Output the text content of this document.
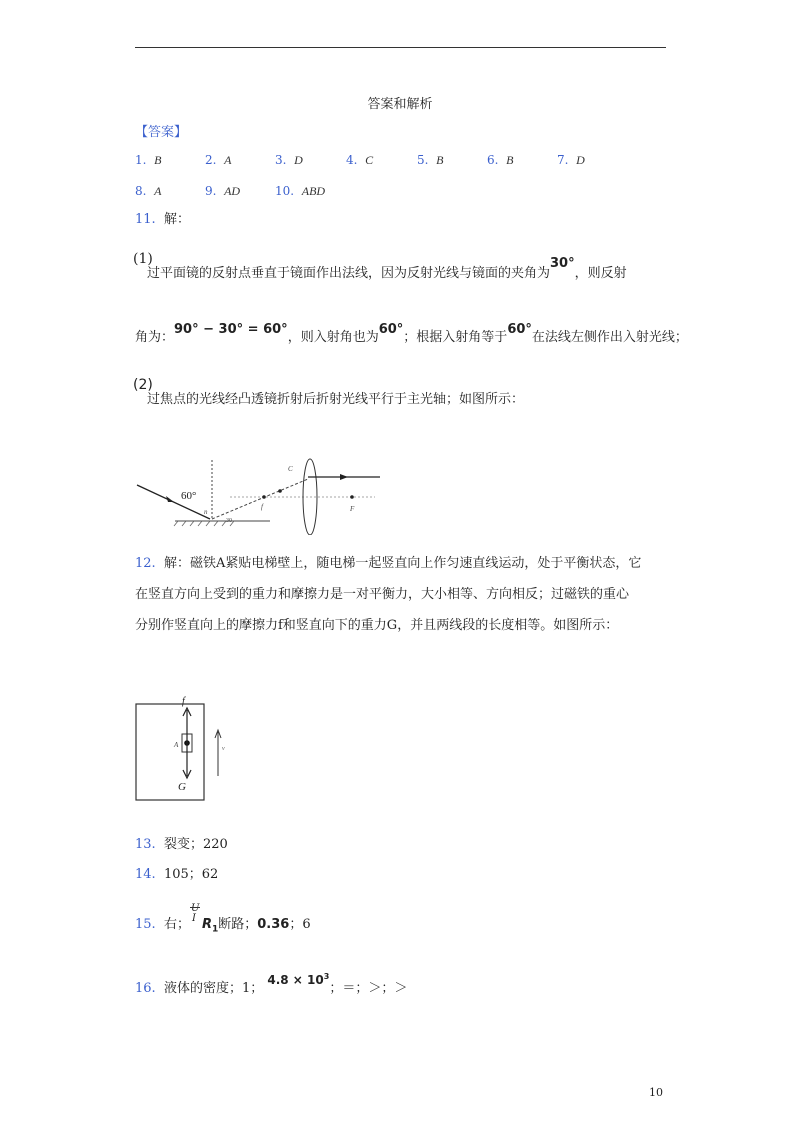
答案和解析
【答案】
1. B	2. A	3. D	4. C	5. B	6. B	7. D
8. A	9. AD	10. ABD
11. 解：
(1)
过平面镜的反射点垂直于镜面作出法线，因为反射光线与镜面的夹角为30°，则反射
角为：90° − 30° = 60°，则入射角也为60°；根据入射角等于60°在法线左侧作出入射光线；
(2)
过焦点的光线经凸透镜折射后折射光线平行于主光轴；如图所示：
60°
n
30
f	F
C
12. 解：磁铁A紧贴电梯壁上，随电梯一起竖直向上作匀速直线运动，处于平衡状态，它
在竖直方向上受到的重力和摩擦力是一对平衡力，大小相等、方向相反；过磁铁的重心
分别作竖直向上的摩擦力f和竖直向下的重力G，并且两线段的长度相等。如图所示：
f
A
G
v
13. 裂变；220
14. 105；62
15. 右；
U
I $R_1$断路；0.36；6
16. 液体的密度；1； $4.8 \times 10^3$；＝；＞；＞
10
